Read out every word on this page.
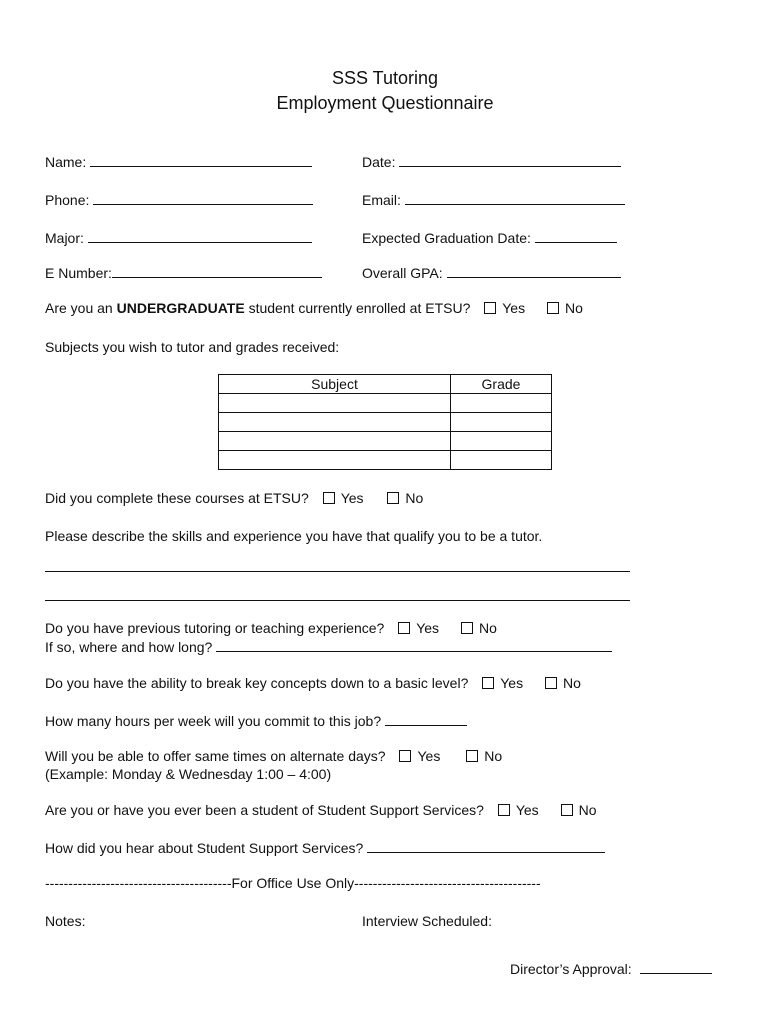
SSS Tutoring
Employment Questionnaire
Name:	Date:
Phone:	Email:
Major:	Expected Graduation Date:
E Number:	Overall GPA:
Are you an UNDERGRADUATE student currently enrolled at ETSU? Yes	No
Subjects you wish to tutor and grades received:
Subject	Grade

Did you complete these courses at ETSU? Yes	No
Please describe the skills and experience you have that qualify you to be a tutor.
Do you have previous tutoring or teaching experience? Yes	No
If so, where and how long?
Do you have the ability to break key concepts down to a basic level? Yes	No
How many hours per week will you commit to this job?
Will you be able to offer same times on alternate days? Yes	No
(Example: Monday & Wednesday 1:00 – 4:00)
Are you or have you ever been a student of Student Support Services? Yes	No
How did you hear about Student Support Services?
----------------------------------------For Office Use Only----------------------------------------
Notes:	Interview Scheduled:
Director’s Approval:
